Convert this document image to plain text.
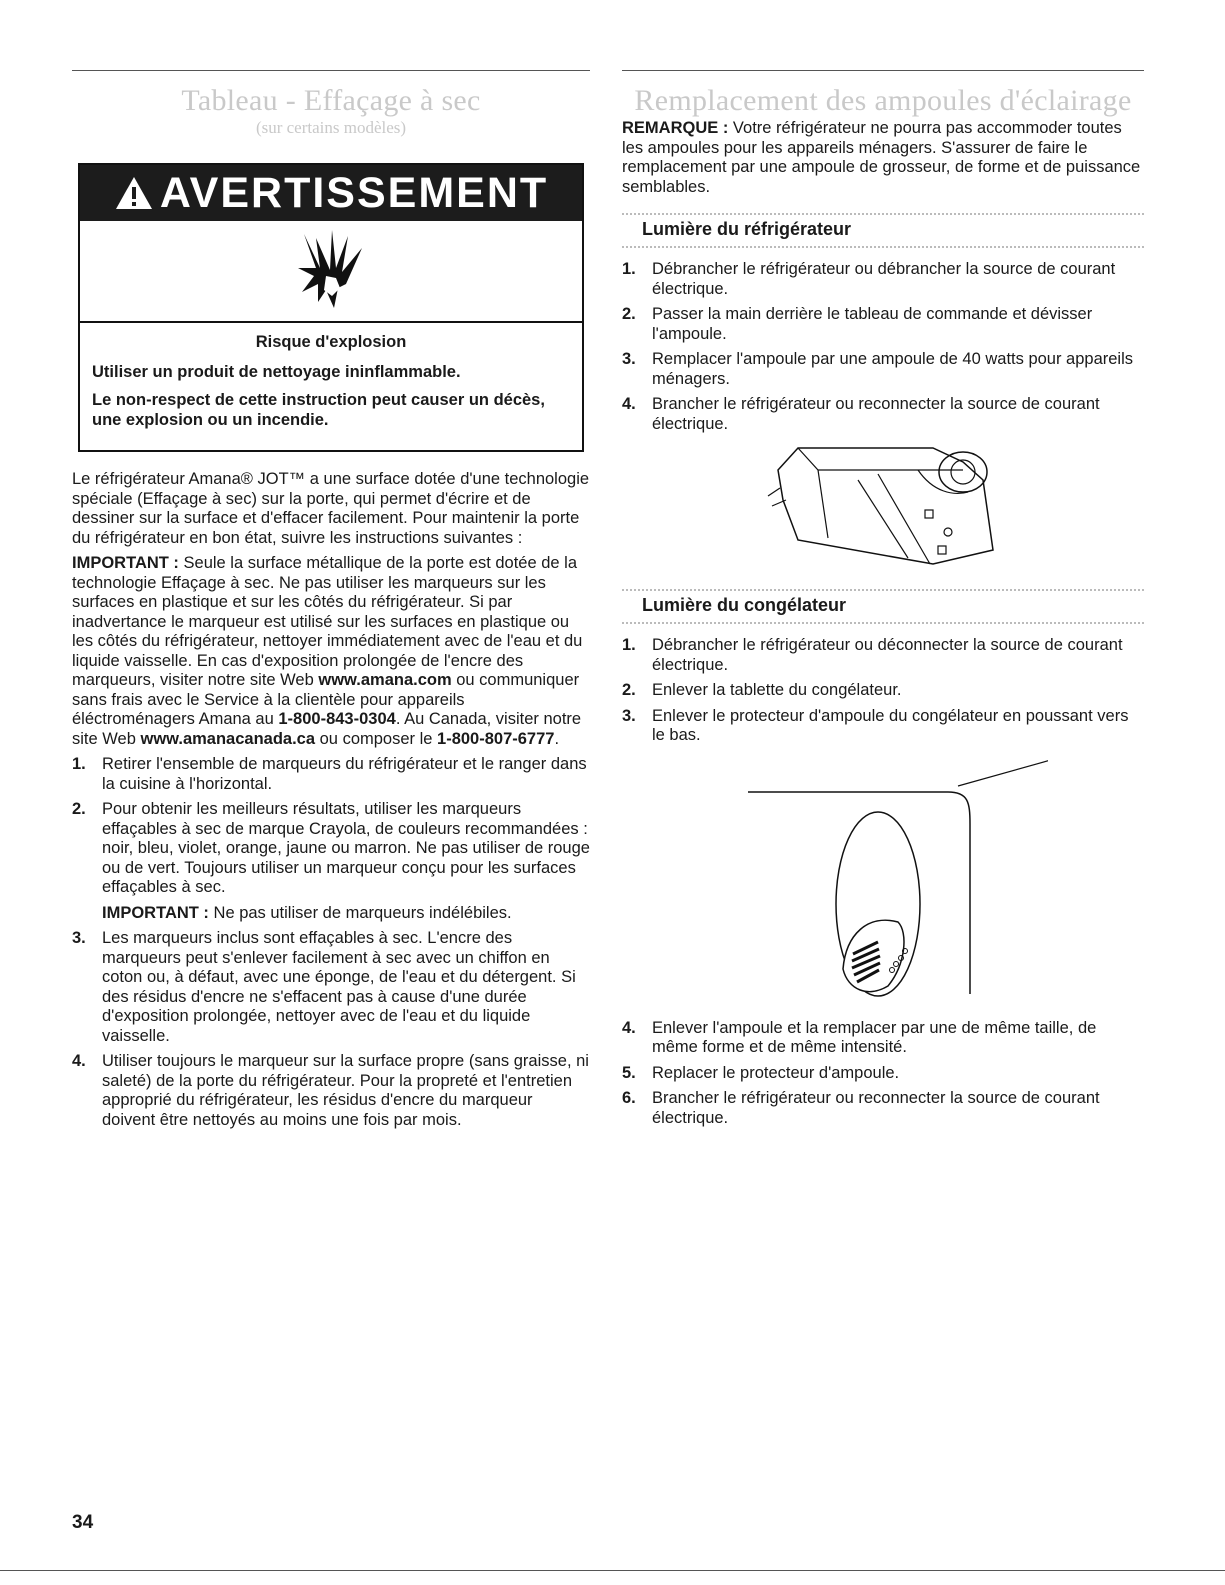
Tableau - Effaçage à sec
(sur certains modèles)
AVERTISSEMENT
Risque d'explosion
Utiliser un produit de nettoyage ininflammable.
Le non-respect de cette instruction peut causer un décès, une explosion ou un incendie.

Le réfrigérateur Amana® JOT™ a une surface dotée d'une technologie spéciale (Effaçage à sec) sur la porte, qui permet d'écrire et de dessiner sur la surface et d'effacer facilement. Pour maintenir la porte du réfrigérateur en bon état, suivre les instructions suivantes :

IMPORTANT : Seule la surface métallique de la porte est dotée de la technologie Effaçage à sec. Ne pas utiliser les marqueurs sur les surfaces en plastique et sur les côtés du réfrigérateur. Si par inadvertance le marqueur est utilisé sur les surfaces en plastique ou les côtés du réfrigérateur, nettoyer immédiatement avec de l'eau et du liquide vaisselle. En cas d'exposition prolongée de l'encre des marqueurs, visiter notre site Web www.amana.com ou communiquer sans frais avec le Service à la clientèle pour appareils éléctroménagers Amana au 1-800-843-0304. Au Canada, visiter notre site Web www.amanacanada.ca ou composer le 1-800-807-6777.

1. Retirer l'ensemble de marqueurs du réfrigérateur et le ranger dans la cuisine à l'horizontal.
2. Pour obtenir les meilleurs résultats, utiliser les marqueurs effaçables à sec de marque Crayola, de couleurs recommandées : noir, bleu, violet, orange, jaune ou marron. Ne pas utiliser de rouge ou de vert. Toujours utiliser un marqueur conçu pour les surfaces effaçables à sec.
IMPORTANT : Ne pas utiliser de marqueurs indélébiles.
3. Les marqueurs inclus sont effaçables à sec. L'encre des marqueurs peut s'enlever facilement à sec avec un chiffon en coton ou, à défaut, avec une éponge, de l'eau et du détergent. Si des résidus d'encre ne s'effacent pas à cause d'une durée d'exposition prolongée, nettoyer avec de l'eau et du liquide vaisselle.
4. Utiliser toujours le marqueur sur la surface propre (sans graisse, ni saleté) de la porte du réfrigérateur. Pour la propreté et l'entretien approprié du réfrigérateur, les résidus d'encre du marqueur doivent être nettoyés au moins une fois par mois.
Remplacement des ampoules d'éclairage

REMARQUE : Votre réfrigérateur ne pourra pas accommoder toutes les ampoules pour les appareils ménagers. S'assurer de faire le remplacement par une ampoule de grosseur, de forme et de puissance semblables.

Lumière du réfrigérateur
1. Débrancher le réfrigérateur ou débrancher la source de courant électrique.
2. Passer la main derrière le tableau de commande et dévisser l'ampoule.
3. Remplacer l'ampoule par une ampoule de 40 watts pour appareils ménagers.
4. Brancher le réfrigérateur ou reconnecter la source de courant électrique.
Lumière du congélateur
1. Débrancher le réfrigérateur ou déconnecter la source de courant électrique.
2. Enlever la tablette du congélateur.
3. Enlever le protecteur d'ampoule du congélateur en poussant vers le bas.
4. Enlever l'ampoule et la remplacer par une de même taille, de même forme et de même intensité.
5. Replacer le protecteur d'ampoule.
6. Brancher le réfrigérateur ou reconnecter la source de courant électrique.
34
